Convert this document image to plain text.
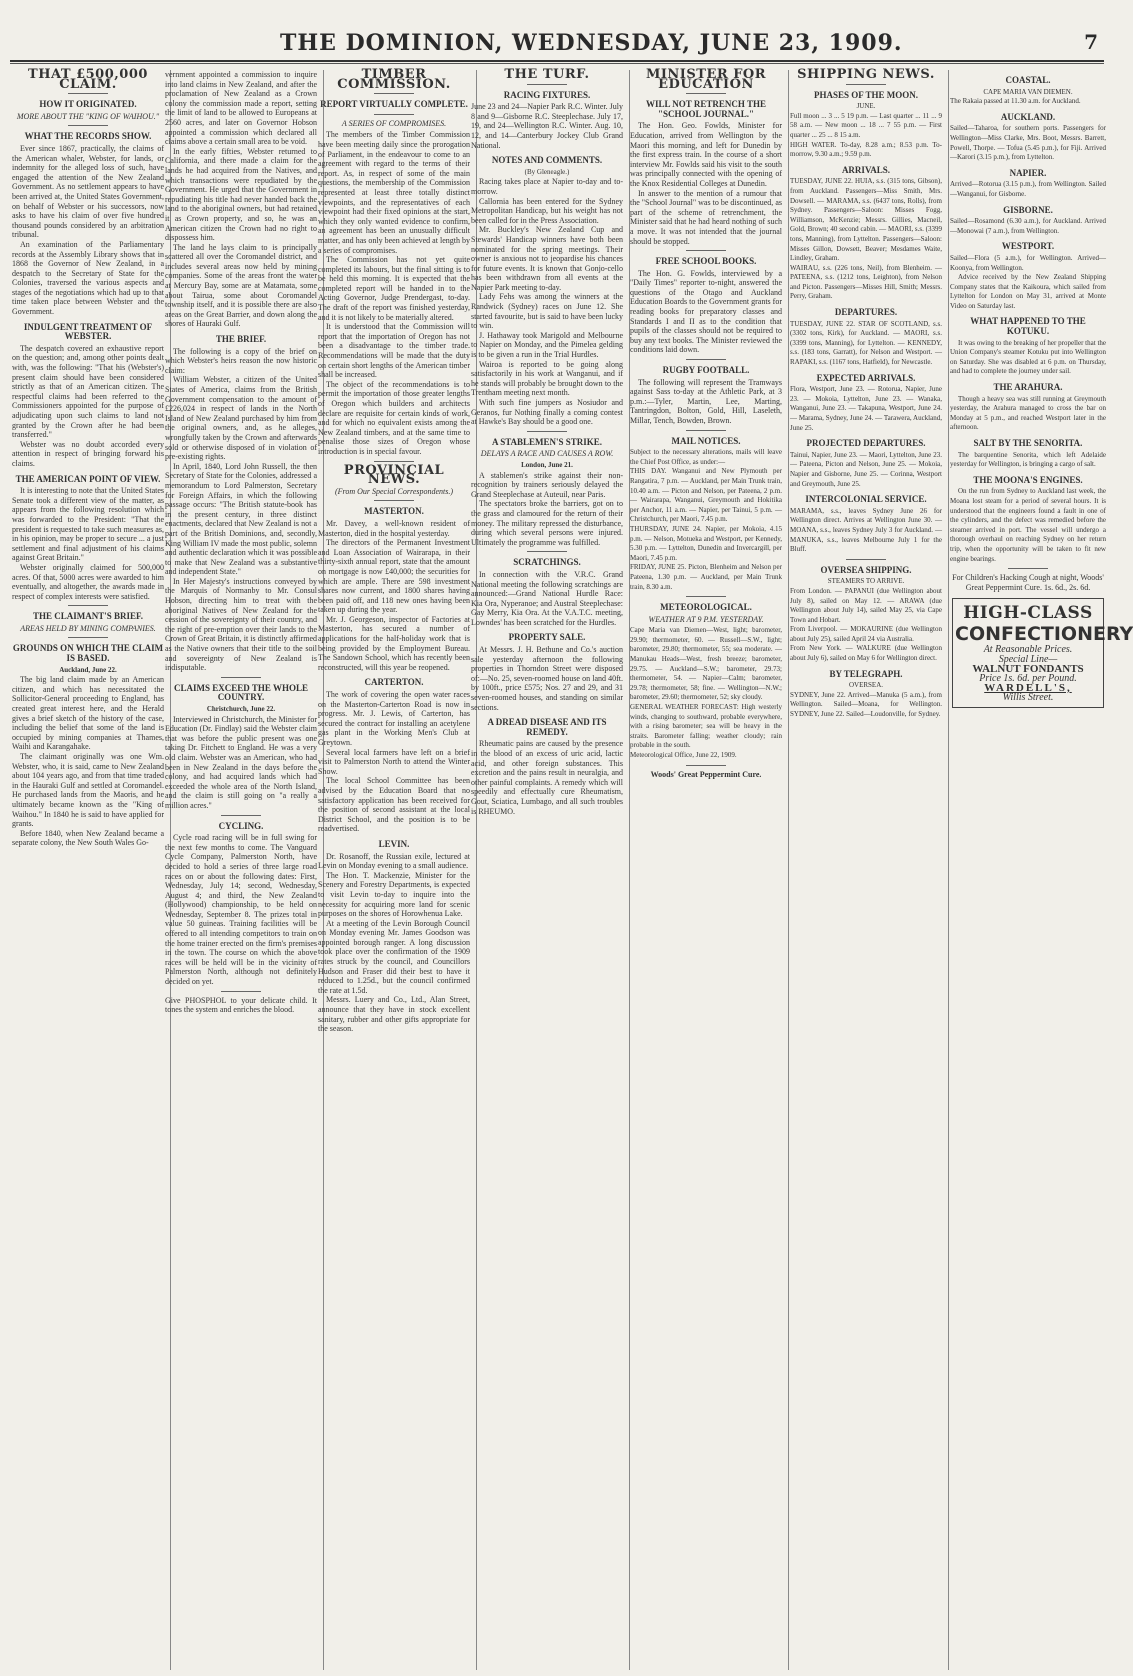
THE DOMINION, WEDNESDAY, JUNE 23, 1909.	7
THAT £500,000 CLAIM.
HOW IT ORIGINATED.
MORE ABOUT THE "KING OF WAIHOU."
WHAT THE RECORDS SHOW.

Ever since 1867, practically, the claims of the American whaler, Webster, for lands, or indemnity for the alleged loss of such, have engaged the attention of the New Zealand Government. As no settlement appears to have been arrived at, the United States Government, on behalf of Webster or his successors, now asks to have his claim of over five hundred thousand pounds considered by an arbitration tribunal.

An examination of the Parliamentary records at the Assembly Library shows that in 1868 the Governor of New Zealand, in a despatch to the Secretary of State for the Colonies, traversed the various aspects and stages of the negotiations which had up to that time taken place between Webster and the Government.

INDULGENT TREATMENT OF WEBSTER.

The despatch covered an exhaustive report on the question; and, among other points dealt with, was the following: "That his (Webster's) present claim should have been considered strictly as that of an American citizen. The respectful claims had been referred to the Commissioners appointed for the purpose of adjudicating upon such claims to land not granted by the Crown after he had been transferred."

Webster was no doubt accorded every attention in respect of bringing forward his claims.

THE AMERICAN POINT OF VIEW.

It is interesting to note that the United States Senate took a different view of the matter, as appears from the following resolution which was forwarded to the President: "That the president is requested to take such measures as, in his opinion, may be proper to secure ... a just settlement and final adjustment of his claims against Great Britain."

Webster originally claimed for 500,000 acres. Of that, 5000 acres were awarded to him eventually, and altogether, the awards made in respect of complex interests were satisfied.

THE CLAIMANT'S BRIEF.
AREAS HELD BY MINING COMPANIES.
GROUNDS ON WHICH THE CLAIM IS BASED.
Auckland, June 22.

The big land claim made by an American citizen, and which has necessitated the Sollicitor-General proceeding to England, has created great interest here, and the Herald gives a brief sketch of the history of the case, including the belief that some of the land is occupied by mining companies at Thames, Waihi and Karangahake.

The claimant originally was one Wm. Webster, who, it is said, came to New Zealand about 104 years ago, and from that time traded in the Hauraki Gulf and settled at Coromandel. He purchased lands from the Maoris, and he ultimately became known as the "King of Waihou." In 1840 he is said to have applied for grants.

Before 1840, when New Zealand became a separate colony, the New South Wales Go-

vernment appointed a commission to inquire into land claims in New Zealand, and after the proclamation of New Zealand as a Crown colony the commission made a report, setting the limit of land to be allowed to Europeans at 2560 acres, and later on Governor Hobson appointed a commission which declared all claims above a certain small area to be void.

In the early fifties, Webster returned to California, and there made a claim for the lands he had acquired from the Natives, and which transactions were repudiated by the Government. He urged that the Government in repudiating his title had never handed back the land to the aboriginal owners, but had retained it as Crown property, and so, he was an American citizen the Crown had no right to dispossess him.

The land he lays claim to is principally scattered all over the Coromandel district, and includes several areas now held by mining companies. Some of the areas front the water at Mercury Bay, some are at Matamata, some about Tairua, some about Coromandel township itself, and it is possible there are also areas on the Great Barrier, and down along the shores of Hauraki Gulf.

THE BRIEF.

The following is a copy of the brief on which Webster's heirs reason the now historic claim:

William Webster, a citizen of the United States of America, claims from the British Government compensation to the amount of £226,024 in respect of lands in the North Island of New Zealand purchased by him from the original owners, and, as he alleges, wrongfully taken by the Crown and afterwards sold or otherwise disposed of in violation of pre-existing rights.

In April, 1840, Lord John Russell, the then Secretary of State for the Colonies, addressed a memorandum to Lord Palmerston, Secretary for Foreign Affairs, in which the following passage occurs: "The British statute-book has in the present century, in three distinct enactments, declared that New Zealand is not a part of the British Dominions, and, secondly, King William IV made the most public, solemn and authentic declaration which it was possible to make that New Zealand was a substantive and independent State."

In Her Majesty's instructions conveyed by the Marquis of Normanby to Mr. Consul Hobson, directing him to treat with the aboriginal Natives of New Zealand for the cession of the sovereignty of their country, and the right of pre-emption over their lands to the Crown of Great Britain, it is distinctly affirmed as the Native owners that their title to the soil and sovereignty of New Zealand is indisputable.

CLAIMS EXCEED THE WHOLE COUNTRY.
Christchurch, June 22.

Interviewed in Christchurch, the Minister for Education (Dr. Findlay) said the Webster claim that was before the public present was one taking Dr. Fitchett to England. He was a very old claim. Webster was an American, who had been in New Zealand in the days before the colony, and had acquired lands which had exceeded the whole area of the North Island, and the claim is still going on "a really a million acres."

CYCLING.

Cycle road racing will be in full swing for the next few months to come. The Vanguard Cycle Company, Palmerston North, have decided to hold a series of three large road races on or about the following dates: First, Wednesday, July 14; second, Wednesday, August 4; and third, the New Zealand (Hollywood) championship, to be held on Wednesday, September 8. The prizes total in value 50 guineas. Training facilities will be offered to all intending competitors to train on the home trainer erected on the firm's premises in the town. The course on which the above races will be held will be in the vicinity of Palmerston North, although not definitely decided on yet.

Give PHOSPHOL to your delicate child. It tones the system and enriches the blood.

TIMBER COMMISSION.
REPORT VIRTUALLY COMPLETE.
A SERIES OF COMPROMISES.

The members of the Timber Commission have been meeting daily since the prorogation of Parliament, in the endeavour to come to an agreement with regard to the terms of their report. As, in respect of some of the main questions, the membership of the Commission represented at least three totally distinct viewpoints, and the representatives of each viewpoint had their fixed opinions at the start, which they only wanted evidence to confirm, an agreement has been an unusually difficult matter, and has only been achieved at length by a series of compromises.

The Commission has not yet quite completed its labours, but the final sitting is to be held this morning. It is expected that the completed report will be handed in to the Acting Governor, Judge Prendergast, to-day. The draft of the report was finished yesterday, and it is not likely to be materially altered.

It is understood that the Commission will report that the importation of Oregon has not been a disadvantage to the timber trade. Recommendations will be made that the duty on certain short lengths of the American timber shall be increased.

The object of the recommendations is to permit the importation of those greater lengths of Oregon which builders and architects declare are requisite for certain kinds of work, and for which no equivalent exists among the New Zealand timbers, and at the same time to penalise those sizes of Oregon whose introduction is in special favour.

PROVINCIAL NEWS.
(From Our Special Correspondents.)
MASTERTON.

Mr. Davey, a well-known resident of Masterton, died in the hospital yesterday.

The directors of the Permanent Investment and Loan Association of Wairarapa, in their thirty-sixth annual report, state that the amount on mortgage is now £40,000; the securities for which are ample. There are 598 investment shares now current, and 1800 shares having been paid off, and 118 new ones having been taken up during the year.

Mr. J. Georgeson, inspector of Factories at Masterton, has secured a number of applications for the half-holiday work that is being provided by the Employment Bureau. The Sandown School, which has recently been reconstructed, will this year be reopened.

CARTERTON.

The work of covering the open water races on the Masterton-Carterton Road is now in progress. Mr. J. Lewis, of Carterton, has secured the contract for installing an acetylene gas plant in the Working Men's Club at Greytown.

Several local farmers have left on a brief visit to Palmerston North to attend the Winter Show.

The local School Committee has been advised by the Education Board that no satisfactory application has been received for the position of second assistant at the local District School, and the position is to be readvertised.

LEVIN.

Dr. Rosanoff, the Russian exile, lectured at Levin on Monday evening to a small audience.

The Hon. T. Mackenzie, Minister for the Scenery and Forestry Departments, is expected to visit Levin to-day to inquire into the necessity for acquiring more land for scenic purposes on the shores of Horowhenua Lake.

At a meeting of the Levin Borough Council on Monday evening Mr. James Goodson was appointed borough ranger. A long discussion took place over the confirmation of the 1909 rates struck by the council, and Councillors Hudson and Fraser did their best to have it reduced to 1.25d., but the council confirmed the rate at 1.5d.

Messrs. Luery and Co., Ltd., Alan Street, announce that they have in stock excellent sanitary, rubber and other gifts appropriate for the season.

THE TURF.
RACING FIXTURES.

June 23 and 24—Napier Park R.C. Winter. July 8 and 9—Gisborne R.C. Steeplechase. July 17, 19, and 24—Wellington R.C. Winter. Aug. 10, 12, and 14—Canterbury Jockey Club Grand National.

NOTES AND COMMENTS.
(By Gleneagle.)

Racing takes place at Napier to-day and to-morrow.

Callornia has been entered for the Sydney Metropolitan Handicap, but his weight has not been called for in the Press Association.

Mr. Buckley's New Zealand Cup and Stewards' Handicap winners have both been nominated for the spring meetings. Their owner is anxious not to jeopardise his chances for future events. It is known that Gonjo-cello has been withdrawn from all events at the Napier Park meeting to-day.

Lady Fehs was among the winners at the Randwick (Sydney) races on June 12. She started favourite, but is said to have been lucky to win.

J. Hathaway took Marigold and Melbourne to Napier on Monday, and the Pimelea gelding is to be given a run in the Trial Hurdles.

Wairoa is reported to be going along satisfactorily in his work at Wanganui, and if he stands will probably be brought down to the Trentham meeting next month.

With such fine jumpers as Nosiudor and Geranos, fur Nothing finally a coming contest at Hawke's Bay should be a good one.

A STABLEMEN'S STRIKE.
DELAYS A RACE AND CAUSES A ROW.
London, June 21.

A stablemen's strike against their non-recognition by trainers seriously delayed the Grand Steeplechase at Auteuil, near Paris.

The spectators broke the barriers, got on to the grass and clamoured for the return of their money. The military repressed the disturbance, during which several persons were injured. Ultimately the programme was fulfilled.

SCRATCHINGS.

In connection with the V.R.C. Grand National meeting the following scratchings are announced:—Grand National Hurdle Race: Kia Ora, Nyperanoe; and Austral Steeplechase: Gay Merry, Kia Ora. At the V.A.T.C. meeting, Lowndes' has been scratched for the Hurdles.

PROPERTY SALE.

At Messrs. J. H. Bethune and Co.'s auction sale yesterday afternoon the following properties in Thorndon Street were disposed of:—No. 25, seven-roomed house on land 40ft. by 100ft., price £575; Nos. 27 and 29, and 31 seven-roomed houses, and standing on similar sections.

A DREAD DISEASE AND ITS REMEDY.

Rheumatic pains are caused by the presence in the blood of an excess of uric acid, lactic acid, and other foreign substances. This excretion and the pains result in neuralgia, and other painful complaints. A remedy which will speedily and effectually cure Rheumatism, Gout, Sciatica, Lumbago, and all such troubles is RHEUMO.

MINISTER FOR EDUCATION
WILL NOT RETRENCH THE "SCHOOL JOURNAL."

The Hon. Geo. Fowlds, Minister for Education, arrived from Wellington by the Maori this morning, and left for Dunedin by the first express train. In the course of a short interview Mr. Fowlds said his visit to the south was principally connected with the opening of the Knox Residential Colleges at Dunedin.

In answer to the mention of a rumour that the "School Journal" was to be discontinued, as part of the scheme of retrenchment, the Minister said that he had heard nothing of such a move. It was not intended that the journal should be stopped.

FREE SCHOOL BOOKS.

The Hon. G. Fowlds, interviewed by a "Daily Times" reporter to-night, answered the questions of the Otago and Auckland Education Boards to the Government grants for reading books for preparatory classes and Standards I and II as to the condition that pupils of the classes should not be required to buy any text books. The Minister reviewed the conditions laid down.

RUGBY FOOTBALL.

The following will represent the Tramways against Sass to-day at the Athletic Park, at 3 p.m.:—Tyler, Martin, Lee, Marting, Tantringdon, Bolton, Gold, Hill, Laseleth, Millar, Tench, Bowden, Brown.

MAIL NOTICES.

Subject to the necessary alterations, mails will leave the Chief Post Office, as under:—

THIS DAY. Wanganui and New Plymouth per Rangatira, 7 p.m. — Auckland, per Main Trunk train, 10.40 a.m. — Picton and Nelson, per Pateena, 2 p.m. — Wairarapa, Wanganui, Greymouth and Hokitika per Anchor, 11 a.m. — Napier, per Tainui, 5 p.m. — Christchurch, per Maori, 7.45 p.m.

THURSDAY, JUNE 24. Napier, per Mokoia, 4.15 p.m. — Nelson, Motueka and Westport, per Kennedy, 5.30 p.m. — Lyttelton, Dunedin and Invercargill, per Maori, 7.45 p.m.

FRIDAY, JUNE 25. Picton, Blenheim and Nelson per Pateena, 1.30 p.m. — Auckland, per Main Trunk train, 8.30 a.m.

METEOROLOGICAL.
WEATHER AT 9 P.M. YESTERDAY.

Cape Maria van Diemen—West, light; barometer, 29.90; thermometer, 60. — Russell—S.W., light; barometer, 29.80; thermometer, 55; sea moderate. — Manukau Heads—West, fresh breeze; barometer, 29.75. — Auckland—S.W.; barometer, 29.73; thermometer, 54. — Napier—Calm; barometer, 29.78; thermometer, 58; fine. — Wellington—N.W.; barometer, 29.60; thermometer, 52; sky cloudy.

GENERAL WEATHER FORECAST: High westerly winds, changing to southward, probable everywhere, with a rising barometer; sea will be heavy in the straits. Barometer falling; weather cloudy; rain probable in the south.

Meteorological Office, June 22, 1909.

Woods' Great Peppermint Cure.

SHIPPING NEWS.
PHASES OF THE MOON.
JUNE.

Full moon ... 3 ... 5 19 p.m. — Last quarter ... 11 ... 9 58 a.m. — New moon ... 18 ... 7 55 p.m. — First quarter ... 25 ... 8 15 a.m.

HIGH WATER. To-day, 8.28 a.m.; 8.53 p.m. To-morrow, 9.30 a.m.; 9.59 p.m.

ARRIVALS.

TUESDAY, JUNE 22. HUIA, s.s. (315 tons, Gibson), from Auckland. Passengers—Miss Smith, Mrs. Dowsell. — MARAMA, s.s. (6437 tons, Rolls), from Sydney. Passengers—Saloon: Misses Fogg, Williamson, McKenzie; Messrs. Gillies, Macneil, Gold, Brown; 40 second cabin. — MAORI, s.s. (3399 tons, Manning), from Lyttelton. Passengers—Saloon: Misses Gillon, Dowsett, Beaver; Mesdames Waite, Lindley, Graham.

WAIRAU, s.s. (226 tons, Neil), from Blenheim. — PATEENA, s.s. (1212 tons, Leighton), from Nelson and Picton. Passengers—Misses Hill, Smith; Messrs. Perry, Graham.

DEPARTURES.

TUESDAY, JUNE 22. STAR OF SCOTLAND, s.s. (3302 tons, Kirk), for Auckland. — MAORI, s.s. (3399 tons, Manning), for Lyttelton. — KENNEDY, s.s. (183 tons, Garratt), for Nelson and Westport. — RAPAKI, s.s. (1167 tons, Hatfield), for Newcastle.

EXPECTED ARRIVALS.

Flora, Westport, June 23. — Rotorua, Napier, June 23. — Mokoia, Lyttelton, June 23. — Wanaka, Wanganui, June 23. — Takapuna, Westport, June 24. — Marama, Sydney, June 24. — Tarawera, Auckland, June 25.

PROJECTED DEPARTURES.

Tainui, Napier, June 23. — Maori, Lyttelton, June 23. — Pateena, Picton and Nelson, June 25. — Mokoia, Napier and Gisborne, June 25. — Corinna, Westport and Greymouth, June 25.

INTERCOLONIAL SERVICE.

MARAMA, s.s., leaves Sydney June 26 for Wellington direct. Arrives at Wellington June 30. — MOANA, s.s., leaves Sydney July 3 for Auckland. — MANUKA, s.s., leaves Melbourne July 1 for the Bluff.

OVERSEA SHIPPING.
STEAMERS TO ARRIVE.

From London. — PAPANUI (due Wellington about July 8), sailed on May 12. — ARAWA (due Wellington about July 14), sailed May 25, via Cape Town and Hobart.

From Liverpool. — MOKAURINE (due Wellington about July 25), sailed April 24 via Australia.

From New York. — WALKURE (due Wellington about July 6), sailed on May 6 for Wellington direct.

BY TELEGRAPH.
OVERSEA.

SYDNEY, June 22. Arrived—Manuka (5 a.m.), from Wellington. Sailed—Moana, for Wellington. SYDNEY, June 22. Sailed—Loudonville, for Sydney.

COASTAL.
CAPE MARIA VAN DIEMEN.

The Rakaia passed at 11.30 a.m. for Auckland.

AUCKLAND.

Sailed—Taharoa, for southern ports. Passengers for Wellington—Miss Clarke, Mrs. Boot, Messrs. Barrett, Powell, Thorpe. — Tofua (5.45 p.m.), for Fiji. Arrived—Karori (3.15 p.m.), from Lyttelton.

NAPIER.

Arrived—Rotorua (3.15 p.m.), from Wellington. Sailed—Wanganui, for Gisborne.

GISBORNE.

Sailed—Rosamond (6.30 a.m.), for Auckland. Arrived—Monowai (7 a.m.), from Wellington.

WESTPORT.

Sailed—Flora (5 a.m.), for Wellington. Arrived—Koonya, from Wellington.

Advice received by the New Zealand Shipping Company states that the Kaikoura, which sailed from Lyttelton for London on May 31, arrived at Monte Video on Saturday last.

WHAT HAPPENED TO THE KOTUKU.

It was owing to the breaking of her propeller that the Union Company's steamer Kotuku put into Wellington on Saturday. She was disabled at 6 p.m. on Thursday, and had to complete the journey under sail.

THE ARAHURA.

Though a heavy sea was still running at Greymouth yesterday, the Arahura managed to cross the bar on Monday at 5 p.m., and reached Westport later in the afternoon.

SALT BY THE SENORITA.

The barquentine Senorita, which left Adelaide yesterday for Wellington, is bringing a cargo of salt.

THE MOONA'S ENGINES.

On the run from Sydney to Auckland last week, the Moana lost steam for a period of several hours. It is understood that the engineers found a fault in one of the cylinders, and the defect was remedied before the steamer arrived in port. The vessel will undergo a thorough overhaul on reaching Sydney on her return trip, when the opportunity will be taken to fit new engine bearings.

For Children's Hacking Cough at night, Woods' Great Peppermint Cure. 1s. 6d., 2s. 6d.

HIGH-CLASS
CONFECTIONERY
At Reasonable Prices.
Special Line—
WALNUT FONDANTS
Price 1s. 6d. per Pound.
WARDELL'S,
Willis Street.
